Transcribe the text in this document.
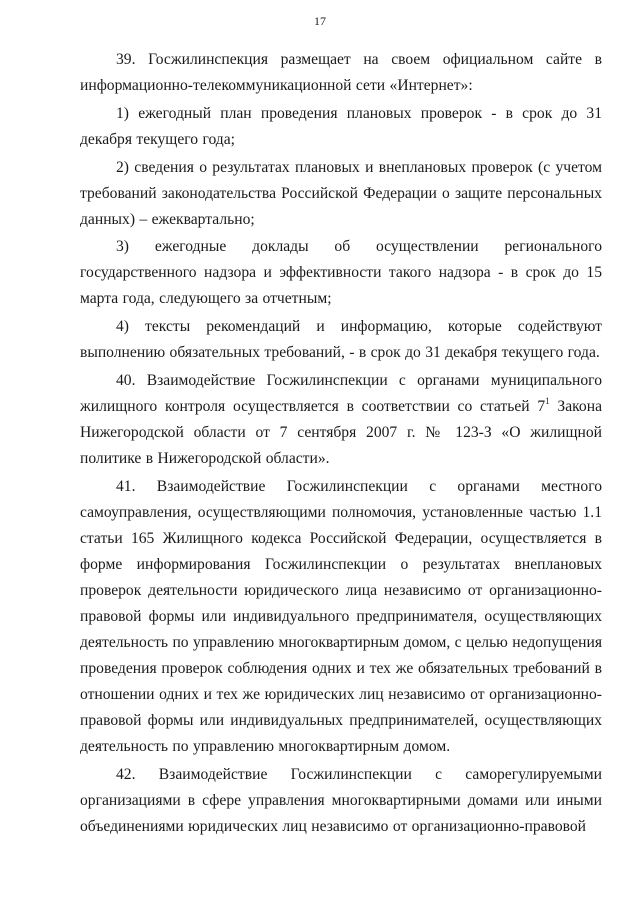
17

39. Госжилинспекция размещает на своем официальном сайте в информационно-телекоммуникационной сети «Интернет»:

1) ежегодный план проведения плановых проверок - в срок до 31 декабря текущего года;

2) сведения о результатах плановых и внеплановых проверок (с учетом требований законодательства Российской Федерации о защите персональных данных) – ежеквартально;

3) ежегодные доклады об осуществлении регионального государственного надзора и эффективности такого надзора - в срок до 15 марта года, следующего за отчетным;

4) тексты рекомендаций и информацию, которые содействуют выполнению обязательных требований, - в срок до 31 декабря текущего года.

40. Взаимодействие Госжилинспекции с органами муниципального жилищного контроля осуществляется в соответствии со статьей $7^1$ Закона Нижегородской области от 7 сентября 2007 г. № 123-З «О жилищной политике в Нижегородской области».

41. Взаимодействие Госжилинспекции с органами местного самоуправления, осуществляющими полномочия, установленные частью 1.1 статьи 165 Жилищного кодекса Российской Федерации, осуществляется в форме информирования Госжилинспекции о результатах внеплановых проверок деятельности юридического лица независимо от организационно-правовой формы или индивидуального предпринимателя, осуществляющих деятельность по управлению многоквартирным домом, с целью недопущения проведения проверок соблюдения одних и тех же обязательных требований в отношении одних и тех же юридических лиц независимо от организационно-правовой формы или индивидуальных предпринимателей, осуществляющих деятельность по управлению многоквартирным домом.

42. Взаимодействие Госжилинспекции с саморегулируемыми организациями в сфере управления многоквартирными домами или иными объединениями юридических лиц независимо от организационно-правовой
